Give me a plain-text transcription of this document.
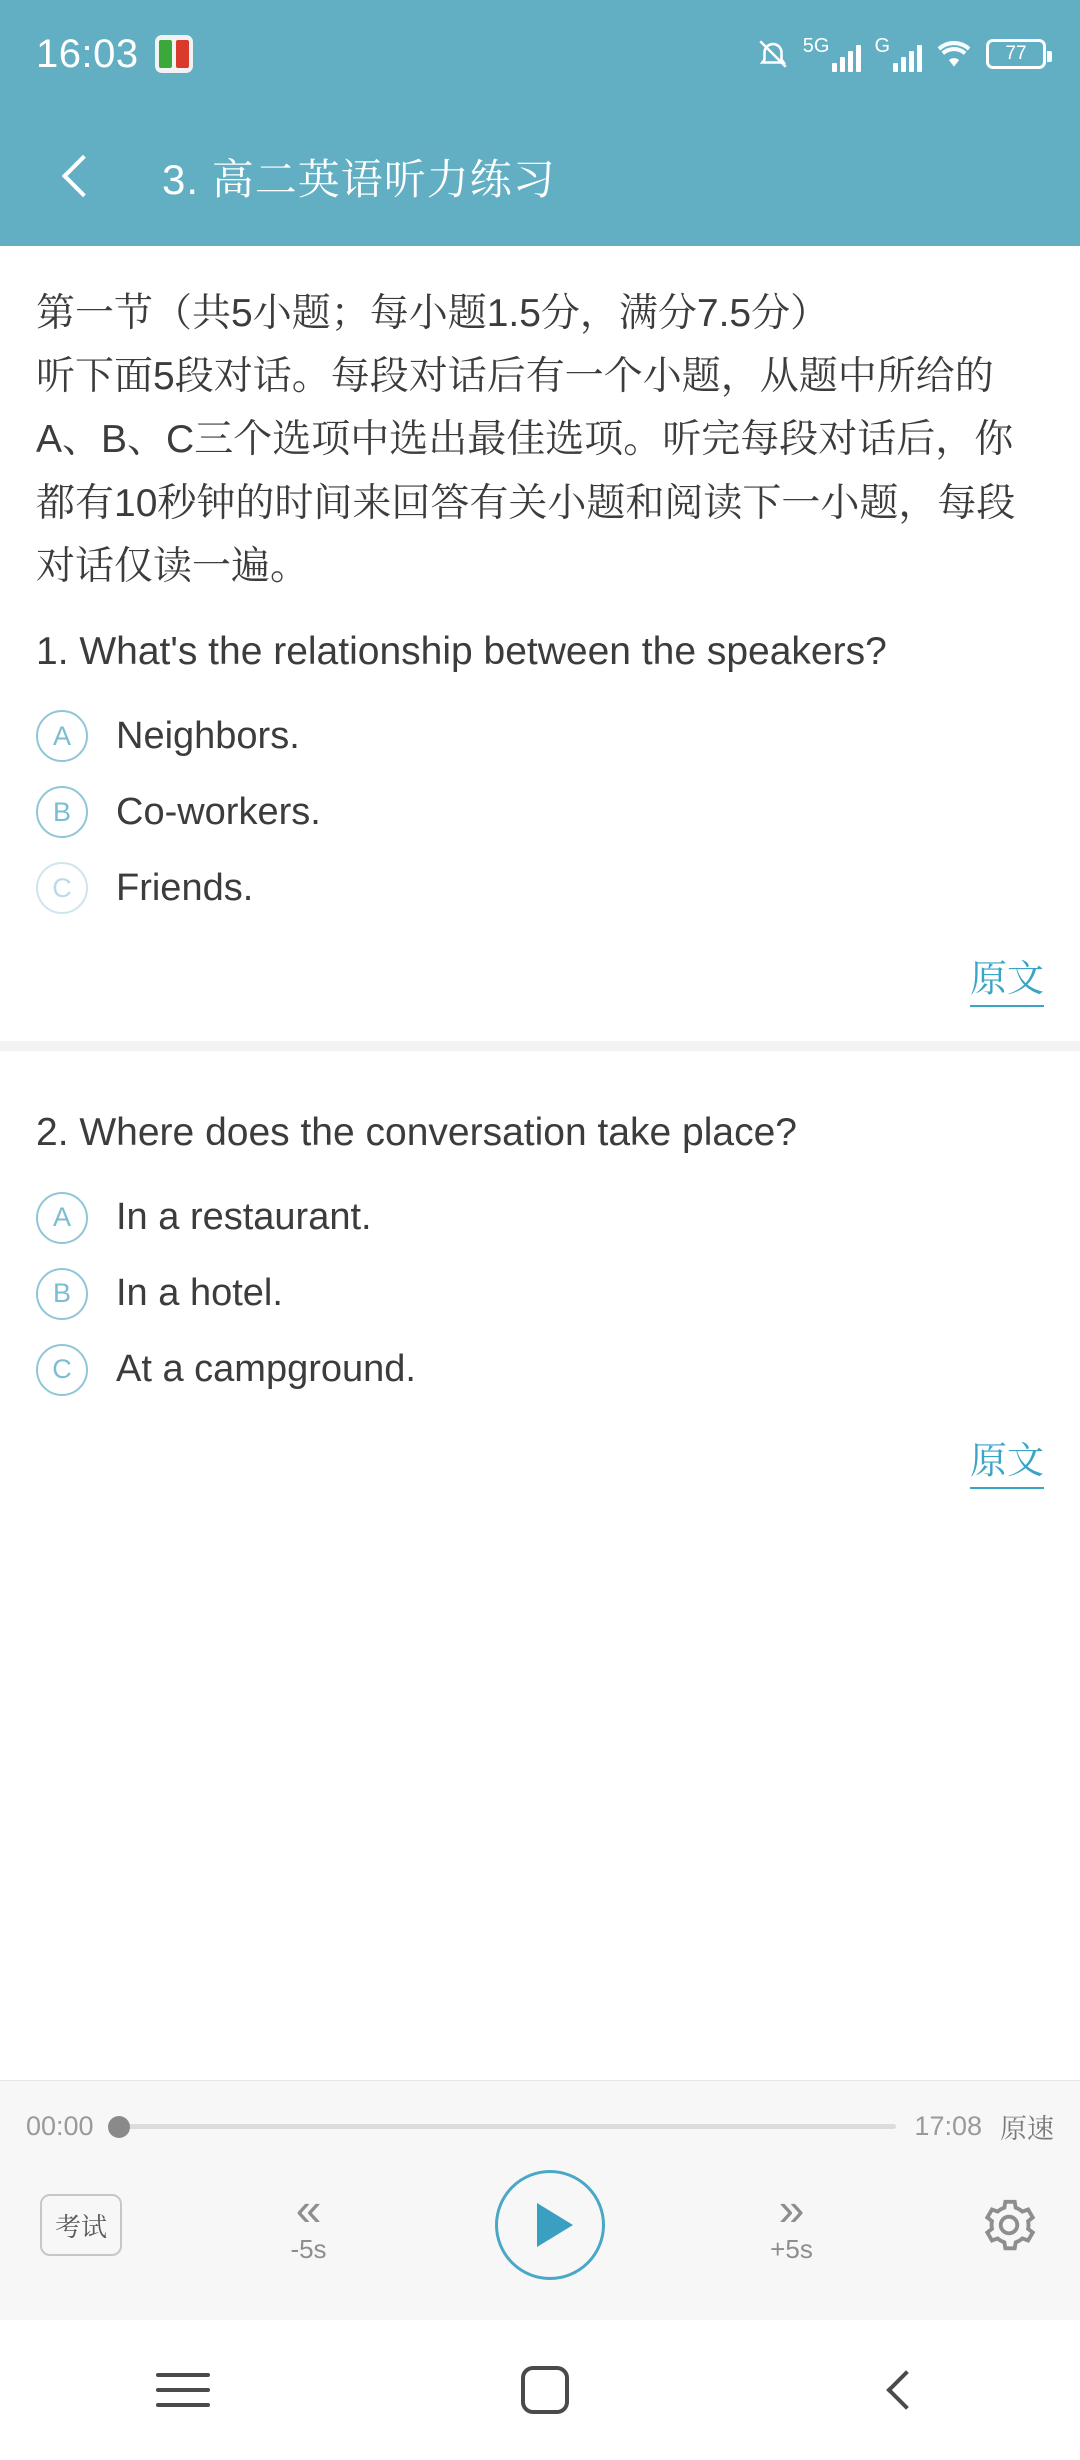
16:03	5G G	77
3. 高二英语听力练习

第一节（共5小题；每小题1.5分，满分7.5分）

听下面5段对话。每段对话后有一个小题，从题中所给的A、B、C三个选项中选出最佳选项。听完每段对话后，你都有10秒钟的时间来回答有关小题和阅读下一小题，每段对话仅读一遍。

1. What's the relationship between the speakers?
A	Neighbors.
B	Co-workers.
C	Friends.
原文
2. Where does the conversation take place?
A	In a restaurant.
B	In a hotel.
C	At a campground.
原文
00:00	17:08 原速
考试	«
-5s
»
+5s
